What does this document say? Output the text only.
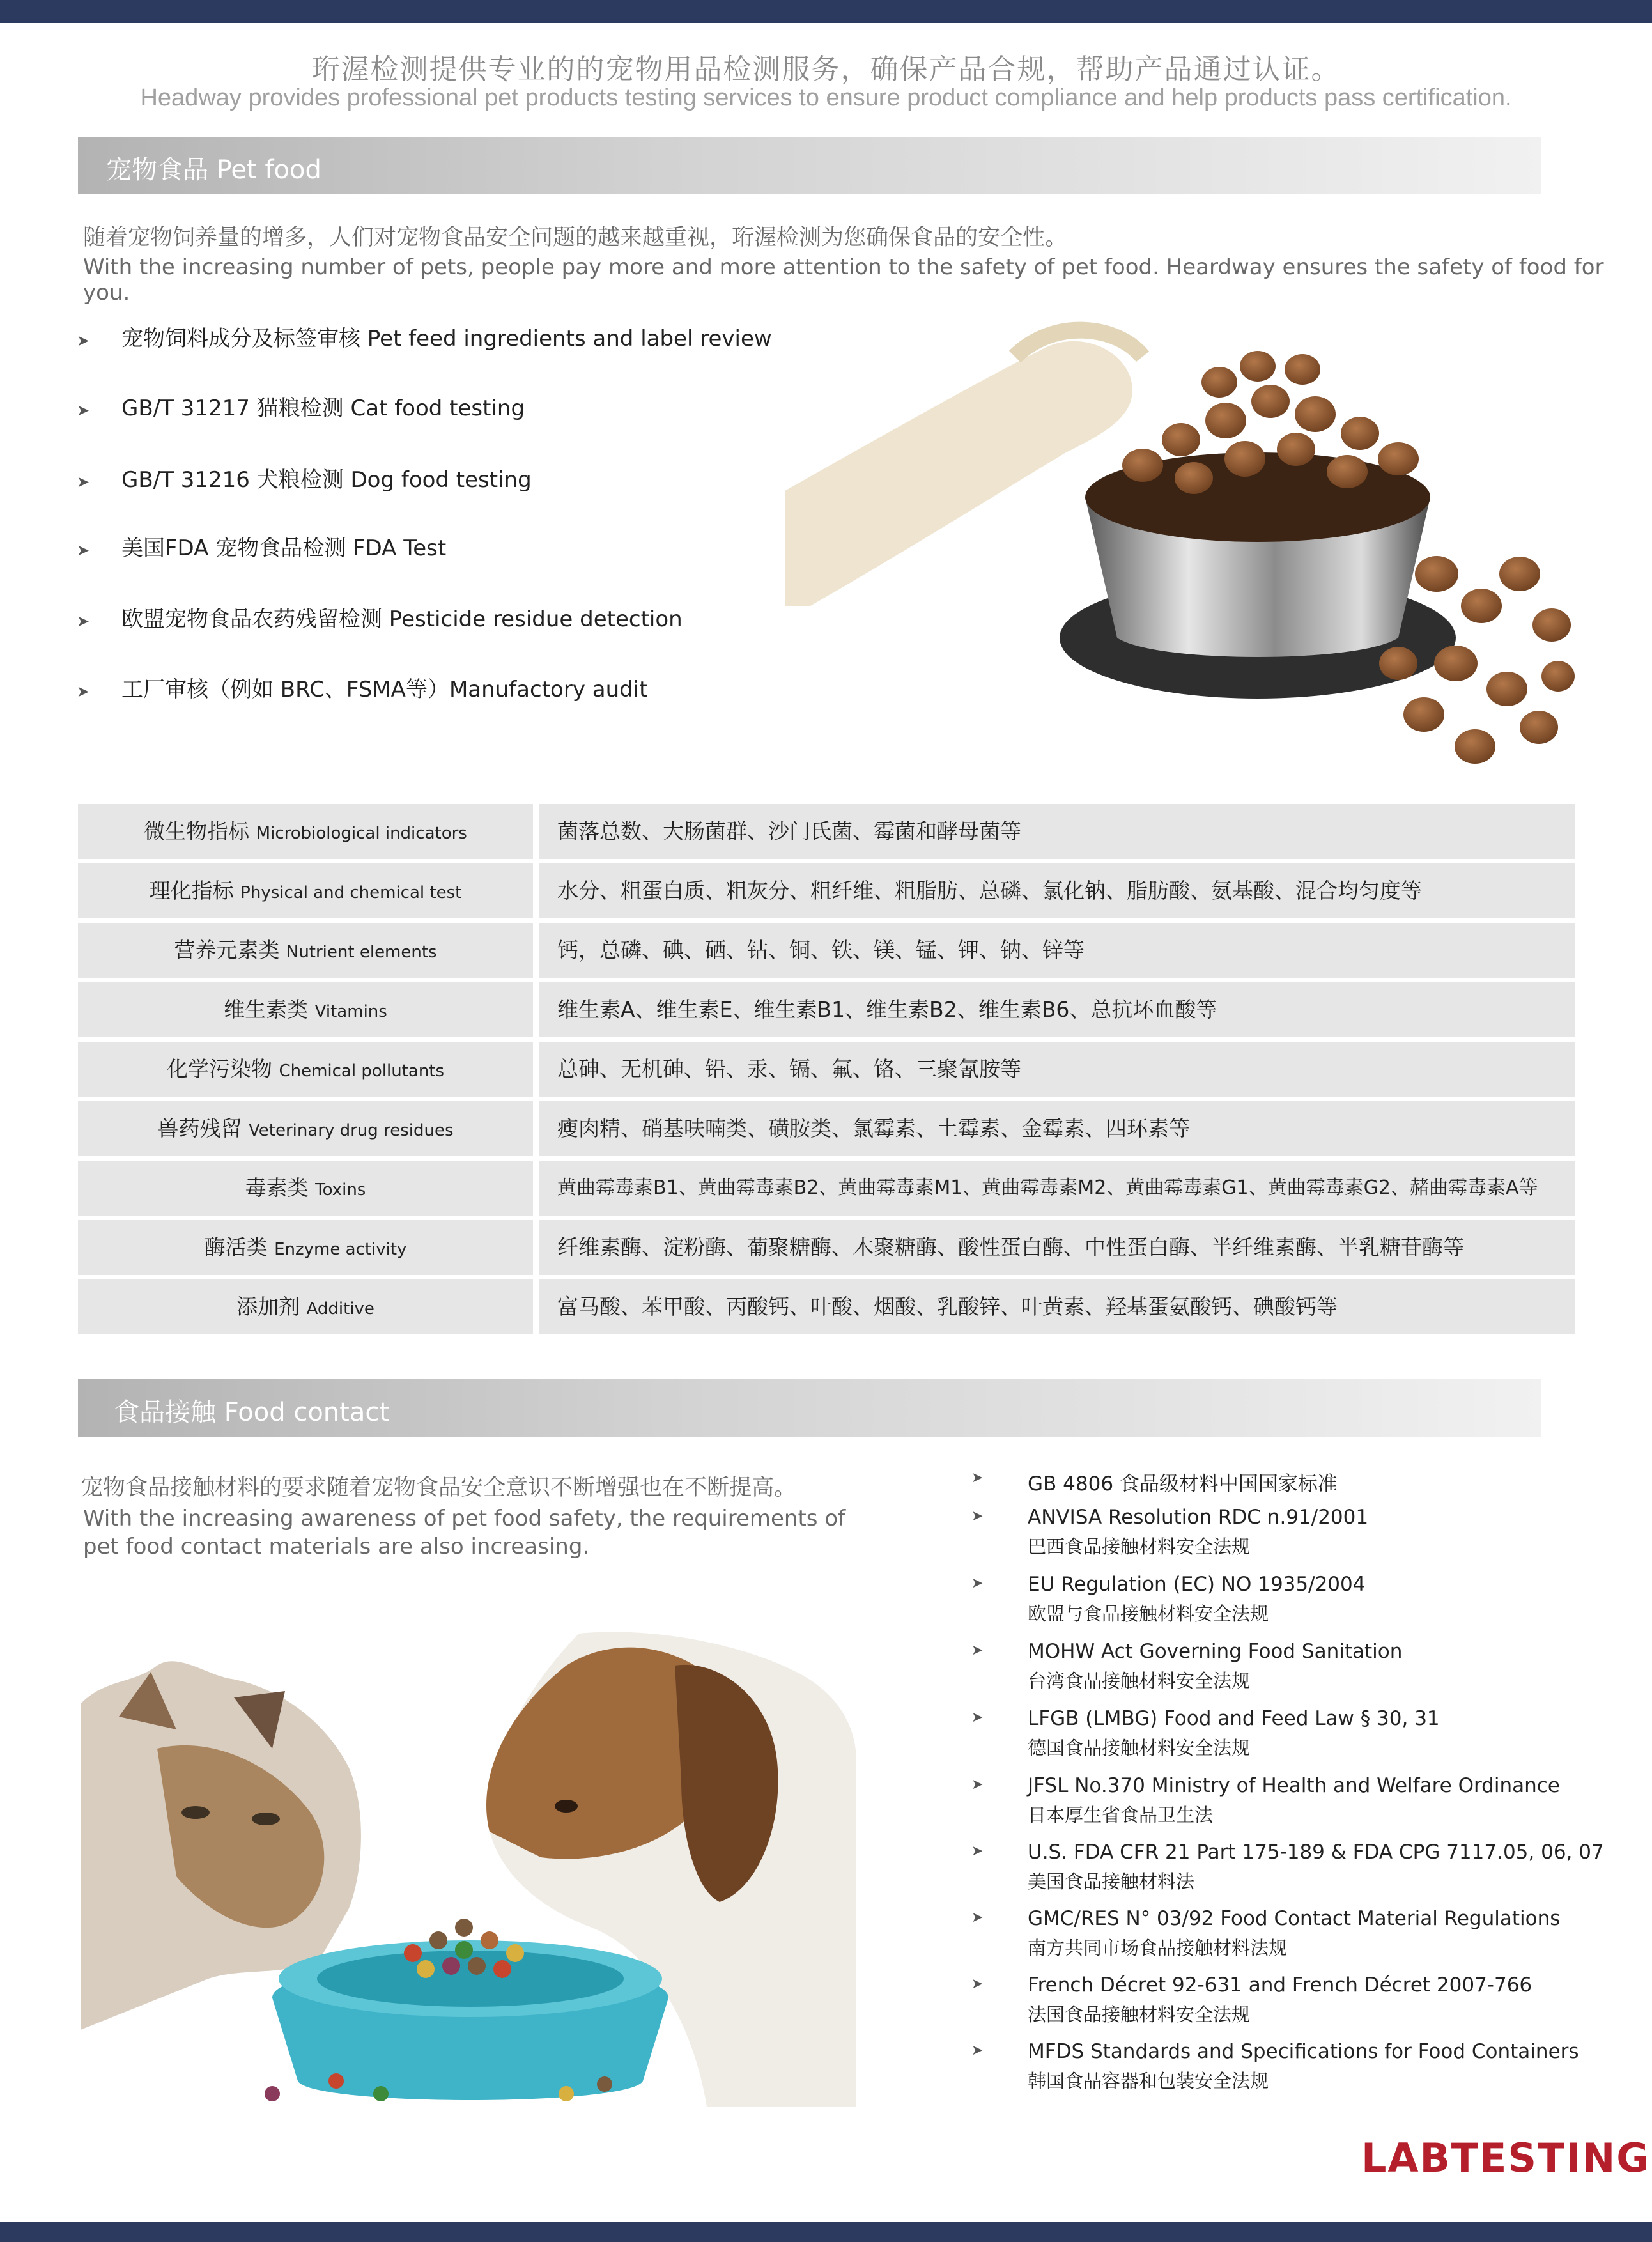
珩渥检测提供专业的的宠物用品检测服务，确保产品合规，帮助产品通过认证。
Headway provides professional pet products testing services to ensure product compliance and help products pass certification.
宠物食品 Pet food
随着宠物饲养量的增多，人们对宠物食品安全问题的越来越重视，珩渥检测为您确保食品的安全性。
With the increasing number of pets, people pay more and more attention to the safety of pet food. Heardway ensures the safety of food for you.
➤ 宠物饲料成分及标签审核 Pet feed ingredients and label review
➤ GB/T 31217 猫粮检测 Cat food testing
➤ GB/T 31216 犬粮检测 Dog food testing
➤ 美国FDA 宠物食品检测 FDA Test
➤ 欧盟宠物食品农药残留检测 Pesticide residue detection
➤ 工厂审核（例如 BRC、FSMA等）Manufactory audit
微生物指标 Microbiological indicators	菌落总数、大肠菌群、沙门氏菌、霉菌和酵母菌等
理化指标 Physical and chemical test	水分、粗蛋白质、粗灰分、粗纤维、粗脂肪、总磷、氯化钠、脂肪酸、氨基酸、混合均匀度等
营养元素类 Nutrient elements	钙，总磷、碘、硒、钴、铜、铁、镁、锰、钾、钠、锌等
维生素类 Vitamins	维生素A、维生素E、维生素B1、维生素B2、维生素B6、总抗坏血酸等
化学污染物 Chemical pollutants	总砷、无机砷、铅、汞、镉、氟、铬、三聚氰胺等
兽药残留 Veterinary drug residues	瘦肉精、硝基呋喃类、磺胺类、氯霉素、土霉素、金霉素、四环素等
毒素类 Toxins	黄曲霉毒素B1、黄曲霉毒素B2、黄曲霉毒素M1、黄曲霉毒素M2、黄曲霉毒素G1、黄曲霉毒素G2、赭曲霉毒素A等
酶活类 Enzyme activity	纤维素酶、淀粉酶、葡聚糖酶、木聚糖酶、酸性蛋白酶、中性蛋白酶、半纤维素酶、半乳糖苷酶等
添加剂 Additive	富马酸、苯甲酸、丙酸钙、叶酸、烟酸、乳酸锌、叶黄素、羟基蛋氨酸钙、碘酸钙等
食品接触 Food contact
宠物食品接触材料的要求随着宠物食品安全意识不断增强也在不断提高。
With the increasing awareness of pet food safety, the requirements of
pet food contact materials are also increasing.
➤ GB 4806 食品级材料中国国家标准
➤ ANVISA Resolution RDC n.91/2001
巴西食品接触材料安全法规
➤ EU Regulation (EC) NO 1935/2004
欧盟与食品接触材料安全法规
➤ MOHW Act Governing Food Sanitation
台湾食品接触材料安全法规
➤ LFGB (LMBG) Food and Feed Law § 30, 31
德国食品接触材料安全法规
➤ JFSL No.370 Ministry of Health and Welfare Ordinance
日本厚生省食品卫生法
➤ U.S. FDA CFR 21 Part 175-189 & FDA CPG 7117.05, 06, 07
美国食品接触材料法
➤ GMC/RES N° 03/92 Food Contact Material Regulations
南方共同市场食品接触材料法规
➤ French Décret 92-631 and French Décret 2007-766
法国食品接触材料安全法规
➤ MFDS Standards and Specifications for Food Containers
韩国食品容器和包装安全法规
LABTESTING
